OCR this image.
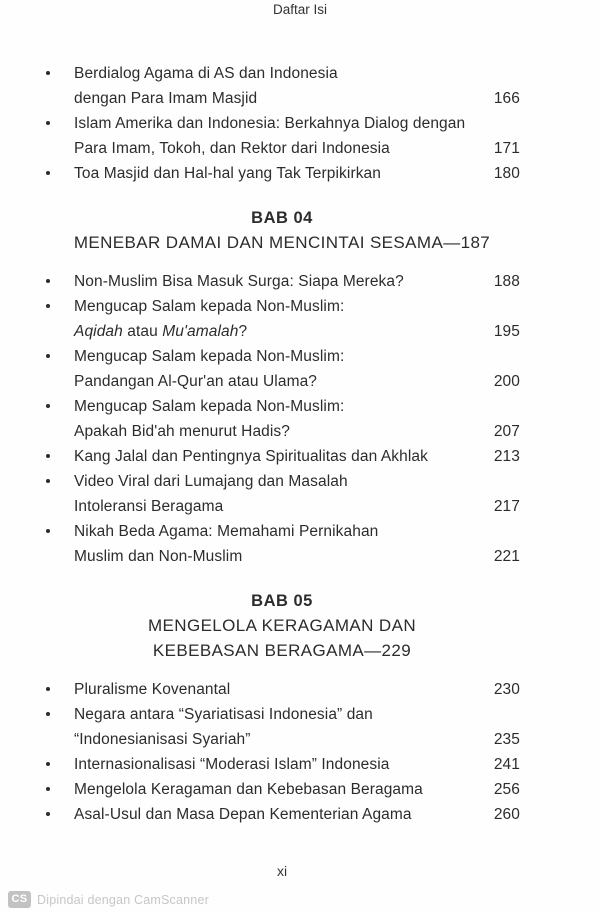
Daftar Isi
Berdialog Agama di AS dan Indonesia
dengan Para Imam Masjid	166
Islam Amerika dan Indonesia: Berkahnya Dialog dengan
Para Imam, Tokoh, dan Rektor dari Indonesia	171
Toa Masjid dan Hal-hal yang Tak Terpikirkan	180
BAB 04
MENEBAR DAMAI DAN MENCINTAI SESAMA—187
Non-Muslim Bisa Masuk Surga: Siapa Mereka?	188
Mengucap Salam kepada Non-Muslim:
Aqidah atau Mu'amalah?	195
Mengucap Salam kepada Non-Muslim:
Pandangan Al-Qur'an atau Ulama?	200
Mengucap Salam kepada Non-Muslim:
Apakah Bid'ah menurut Hadis?	207
Kang Jalal dan Pentingnya Spiritualitas dan Akhlak	213
Video Viral dari Lumajang dan Masalah
Intoleransi Beragama	217
Nikah Beda Agama: Memahami Pernikahan
Muslim dan Non-Muslim	221
BAB 05
MENGELOLA KERAGAMAN DAN
KEBEBASAN BERAGAMA—229
Pluralisme Kovenantal	230
Negara antara “Syariatisasi Indonesia” dan
“Indonesianisasi Syariah”	235
Internasionalisasi “Moderasi Islam” Indonesia	241
Mengelola Keragaman dan Kebebasan Beragama	256
Asal-Usul dan Masa Depan Kementerian Agama	260
xi
CS Dipindai dengan CamScanner
